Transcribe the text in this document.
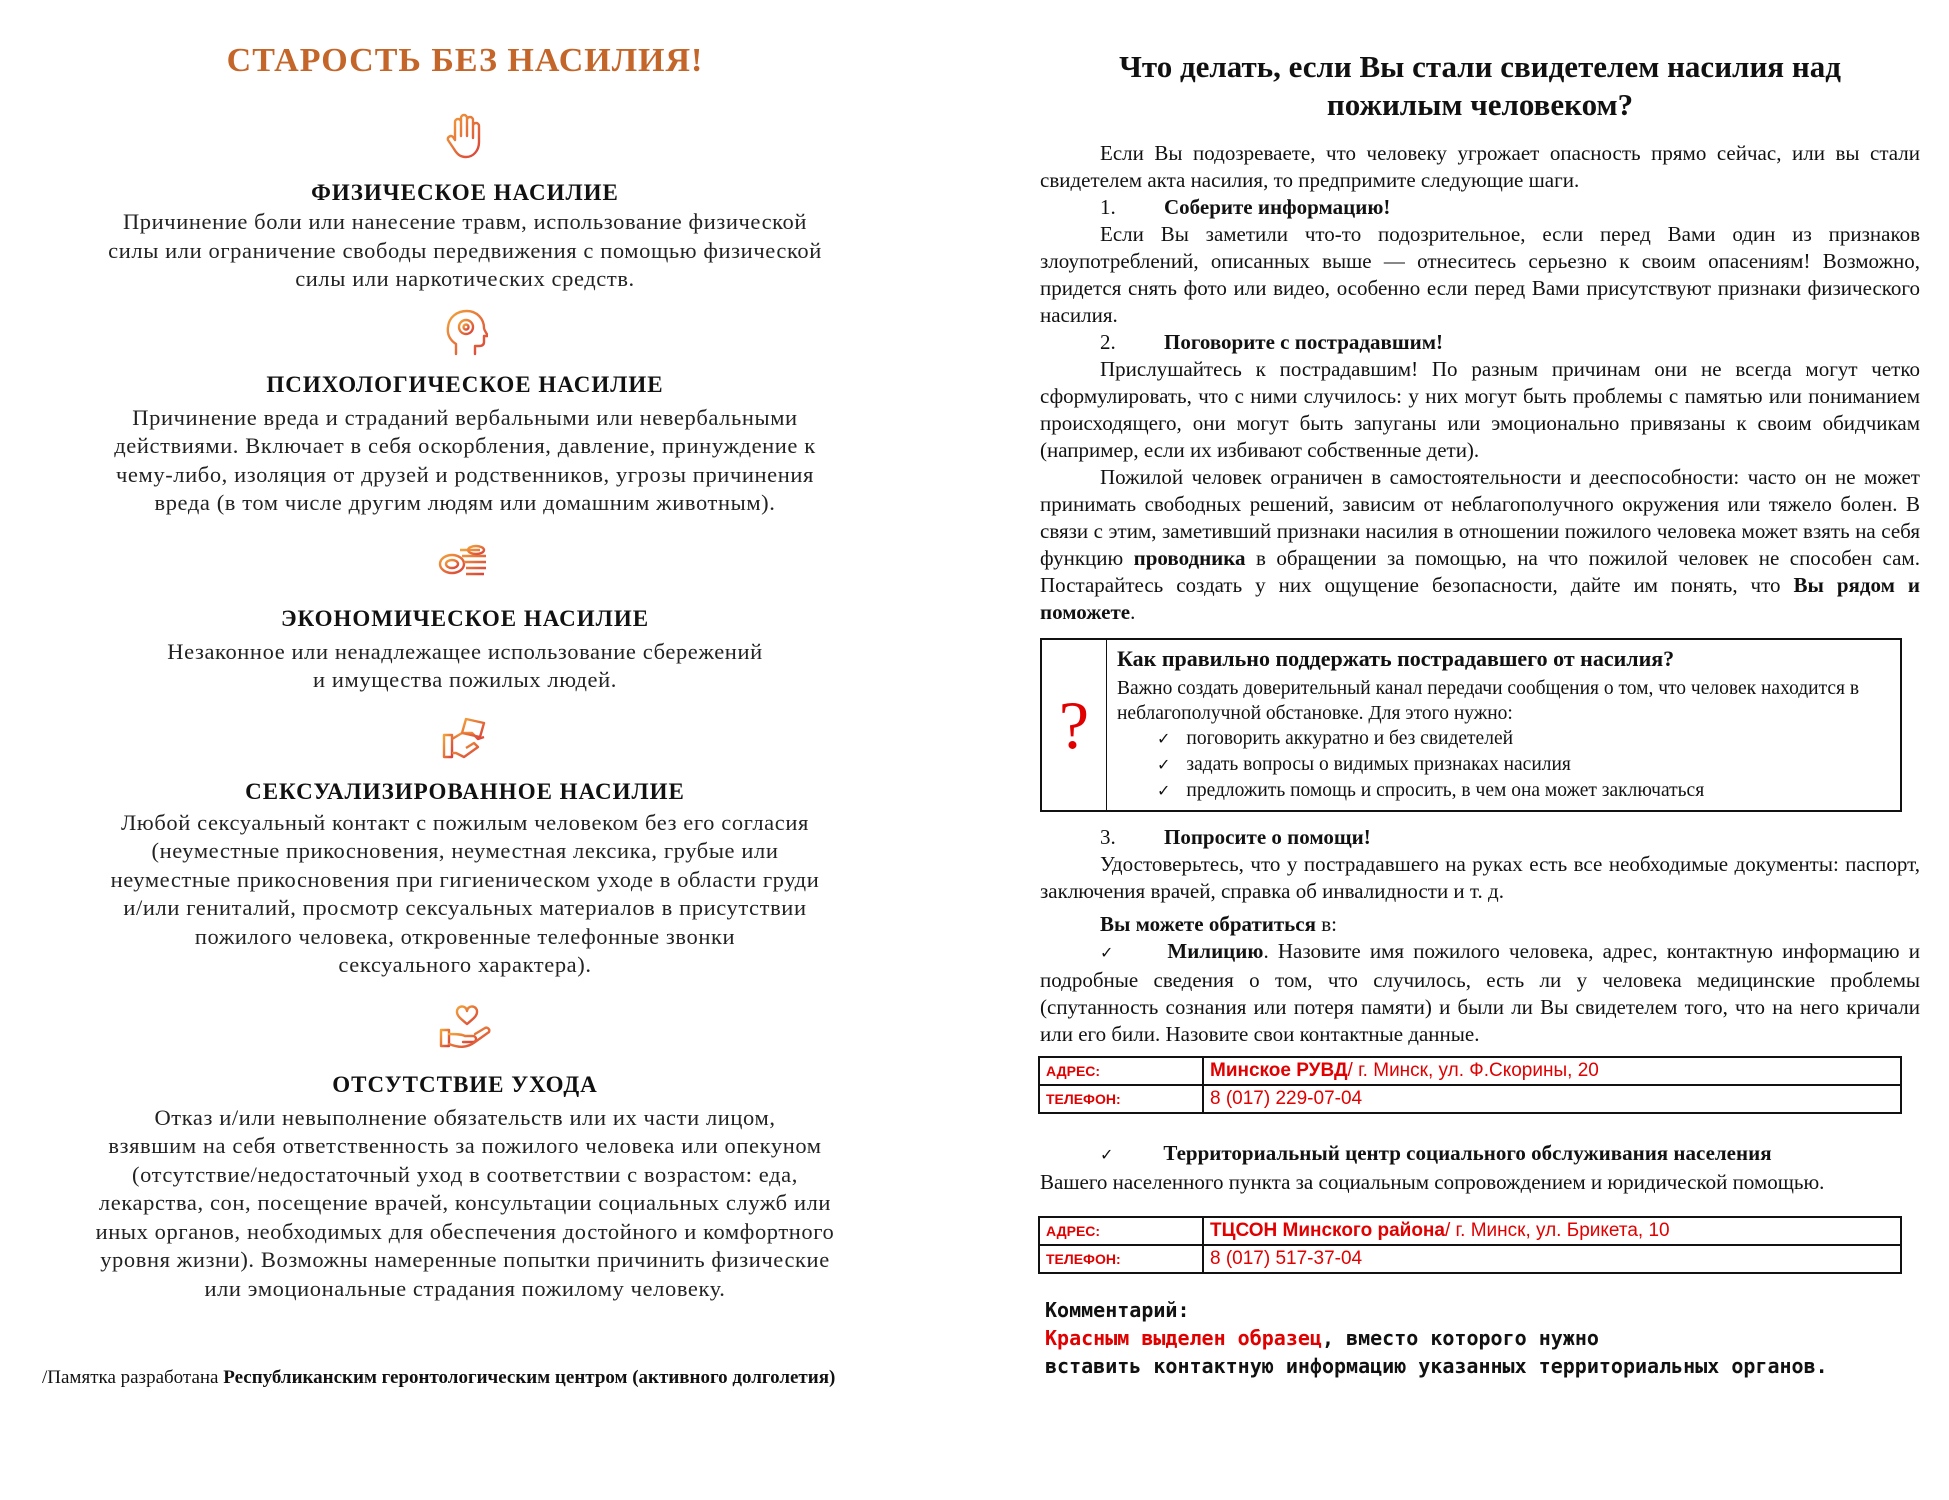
СТАРОСТЬ БЕЗ НАСИЛИЯ!
ФИЗИЧЕСКОЕ НАСИЛИЕ

Причинение боли или нанесение травм, использование физической
силы или ограничение свободы передвижения с помощью физической
силы или наркотических средств.

ПСИХОЛОГИЧЕСКОЕ НАСИЛИЕ

Причинение вреда и страданий вербальными или невербальными
действиями. Включает в себя оскорбления, давление, принуждение к
чему-либо, изоляция от друзей и родственников, угрозы причинения
вреда (в том числе другим людям или домашним животным).

ЭКОНОМИЧЕСКОЕ НАСИЛИЕ

Незаконное или ненадлежащее использование сбережений
и имущества пожилых людей.

СЕКСУАЛИЗИРОВАННОЕ НАСИЛИЕ

Любой сексуальный контакт с пожилым человеком без его согласия
(неуместные прикосновения, неуместная лексика, грубые или
неуместные прикосновения при гигиеническом уходе в области груди
и/или гениталий, просмотр сексуальных материалов в присутствии
пожилого человека, откровенные телефонные звонки
сексуального характера).

ОТСУТСТВИЕ УХОДА

Отказ и/или невыполнение обязательств или их части лицом,
взявшим на себя ответственность за пожилого человека или опекуном
(отсутствие/недостаточный уход в соответствии с возрастом: еда,
лекарства, сон, посещение врачей, консультации социальных служб или
иных органов, необходимых для обеспечения достойного и комфортного
уровня жизни). Возможны намеренные попытки причинить физические
или эмоциональные страдания пожилому человеку.

/Памятка разработана Республиканским геронтологическим центром (активного долголетия)
Что делать, если Вы стали свидетелем насилия над
пожилым человеком?

Если Вы подозреваете, что человеку угрожает опасность прямо сейчас, или вы стали свидетелем акта насилия, то предпримите следующие шаги.

1. Соберите информацию!

Если Вы заметили что-то подозрительное, если перед Вами один из признаков злоупотреблений, описанных выше — отнеситесь серьезно к своим опасениям! Возможно, придется снять фото или видео, особенно если перед Вами присутствуют признаки физического насилия.

2. Поговорите с пострадавшим!

Прислушайтесь к пострадавшим! По разным причинам они не всегда могут четко сформулировать, что с ними случилось: у них могут быть проблемы с памятью или пониманием происходящего, они могут быть запуганы или эмоционально привязаны к своим обидчикам (например, если их избивают собственные дети).

Пожилой человек ограничен в самостоятельности и дееспособности: часто он не может принимать свободных решений, зависим от неблагополучного окружения или тяжело болен. В связи с этим, заметивший признаки насилия в отношении пожилого человека может взять на себя функцию проводника в обращении за помощью, на что пожилой человек не способен сам. Постарайтесь создать у них ощущение безопасности, дайте им понять, что Вы рядом и поможете.

?

Как правильно поддержать пострадавшего от насилия?

Важно создать доверительный канал передачи сообщения о том, что человек находится в неблагополучной обстановке. Для этого нужно:

✓ поговорить аккуратно и без свидетелей
✓ задать вопросы о видимых признаках насилия
✓ предложить помощь и спросить, в чем она может заключаться

3. Попросите о помощи!

Удостоверьтесь, что у пострадавшего на руках есть все необходимые документы: паспорт, заключения врачей, справка об инвалидности и т. д.

Вы можете обратиться в:

✓ Милицию. Назовите имя пожилого человека, адрес, контактную информацию и подробные сведения о том, что случилось, есть ли у человека медицинские проблемы (спутанность сознания или потеря памяти) и были ли Вы свидетелем того, что на него кричали или его били. Назовите свои контактные данные.

АДРЕС:	Минское РУВД/ г. Минск, ул. Ф.Скорины, 20
ТЕЛЕФОН:	8 (017) 229-07-04

✓ Территориальный центр социального обслуживания населения

Вашего населенного пункта за социальным сопровождением и юридической помощью.

АДРЕС:	ТЦСОН Минского района/ г. Минск, ул. Брикета, 10
ТЕЛЕФОН:	8 (017) 517-37-04
Комментарий:
Красным выделен образец, вместо которого нужно
вставить контактную информацию указанных территориальных органов.
